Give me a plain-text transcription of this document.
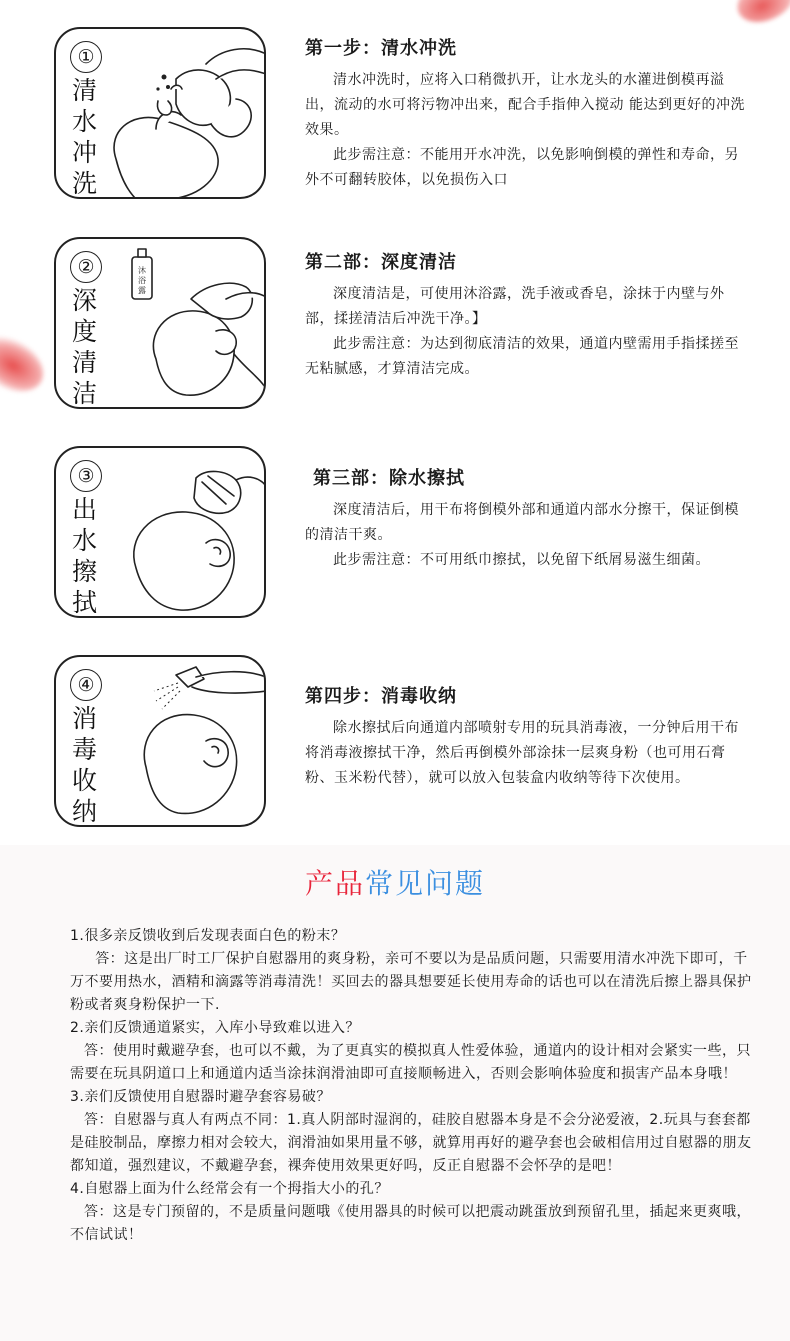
①
清水冲洗
第一步：清水冲洗

清水冲洗时，应将入口稍微扒开，让水龙头的水灌进倒模再溢出，流动的水可将污物冲出来，配合手指伸入搅动 能达到更好的冲洗效果。

此步需注意：不能用开水冲洗，以免影响倒模的弹性和寿命，另外不可翻转胶体，以免损伤入口

②
深度清洁
沐
浴
露
第二部：深度清洁

深度清洁是，可使用沐浴露，洗手液或香皂，涂抹于内壁与外部，揉搓清洁后冲洗干净。】

此步需注意：为达到彻底清洁的效果，通道内壁需用手指揉搓至无粘腻感，才算清洁完成。

③
出水擦拭
第三部：除水擦拭

深度清洁后，用干布将倒模外部和通道内部水分擦干，保证倒模的清洁干爽。

此步需注意：不可用纸巾擦拭，以免留下纸屑易滋生细菌。

④
消毒收纳
第四步：消毒收纳

除水擦拭后向通道内部喷射专用的玩具消毒液，一分钟后用干布将消毒液擦拭干净，然后再倒模外部涂抹一层爽身粉（也可用石膏粉、玉米粉代替），就可以放入包装盒内收纳等待下次使用。

产品常见问题

1.很多亲反馈收到后发现表面白色的粉末？

答：这是出厂时工厂保护自慰器用的爽身粉，亲可不要以为是品质问题，只需要用清水冲洗下即可，千万不要用热水，酒精和滴露等消毒清洗！买回去的器具想要延长使用寿命的话也可以在清洗后擦上器具保护粉或者爽身粉保护一下.

2.亲们反馈通道紧实，入库小导致难以进入？

答：使用时戴避孕套，也可以不戴，为了更真实的模拟真人性爱体验，通道内的设计相对会紧实一些，只需要在玩具阴道口上和通道内适当涂抹润滑油即可直接顺畅进入，否则会影响体验度和损害产品本身哦！

3.亲们反馈使用自慰器时避孕套容易破？

答：自慰器与真人有两点不同：1.真人阴部时湿润的，硅胶自慰器本身是不会分泌爱液，2.玩具与套套都是硅胶制品，摩擦力相对会较大，润滑油如果用量不够，就算用再好的避孕套也会破相信用过自慰器的朋友都知道，强烈建议，不戴避孕套，裸奔使用效果更好吗，反正自慰器不会怀孕的是吧！

4.自慰器上面为什么经常会有一个拇指大小的孔？

答：这是专门预留的，不是质量问题哦《使用器具的时候可以把震动跳蛋放到预留孔里，插起来更爽哦，不信试试！
